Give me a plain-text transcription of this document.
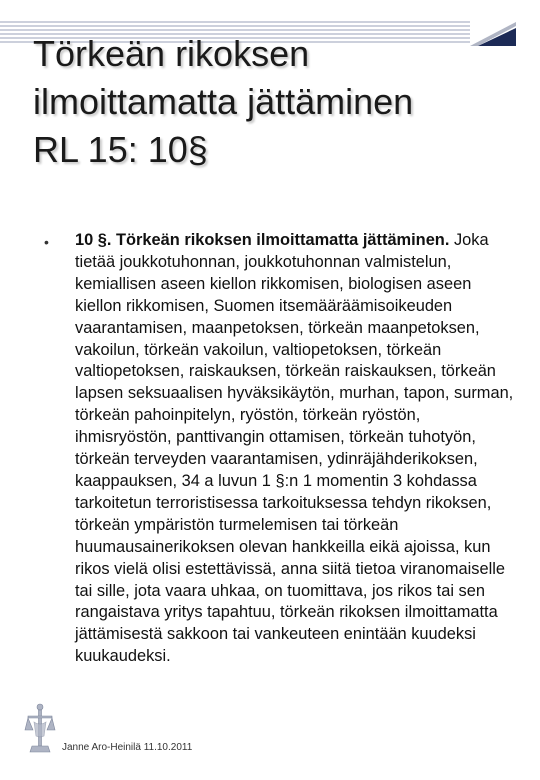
Törkeän rikoksen
ilmoittamatta jättäminen
RL 15: 10§
• 10 §. Törkeän rikoksen ilmoittamatta jättäminen. Joka tietää joukkotuhonnan, joukkotuhonnan valmistelun, kemiallisen aseen kiellon rikkomisen, biologisen aseen kiellon rikkomisen, Suomen itsemääräämisoikeuden vaarantamisen, maanpetoksen, törkeän maanpetoksen, vakoilun, törkeän vakoilun, valtiopetoksen, törkeän valtiopetoksen, raiskauksen, törkeän raiskauksen, törkeän lapsen seksuaalisen hyväksikäytön, murhan, tapon, surman, törkeän pahoinpitelyn, ryöstön, törkeän ryöstön, ihmisryöstön, panttivangin ottamisen, törkeän tuhotyön, törkeän terveyden vaarantamisen, ydinräjähderikoksen, kaappauksen, 34 a luvun 1 §:n 1 momentin 3 kohdassa tarkoitetun terroristisessa tarkoituksessa tehdyn rikoksen, törkeän ympäristön turmelemisen tai törkeän huumausainerikoksen olevan hankkeilla eikä ajoissa, kun rikos vielä olisi estettävissä, anna siitä tietoa viranomaiselle tai sille, jota vaara uhkaa, on tuomittava, jos rikos tai sen rangaistava yritys tapahtuu, törkeän rikoksen ilmoittamatta jättämisestä sakkoon tai vankeuteen enintään kuudeksi kuukaudeksi.

Janne Aro-Heinilä 11.10.2011
